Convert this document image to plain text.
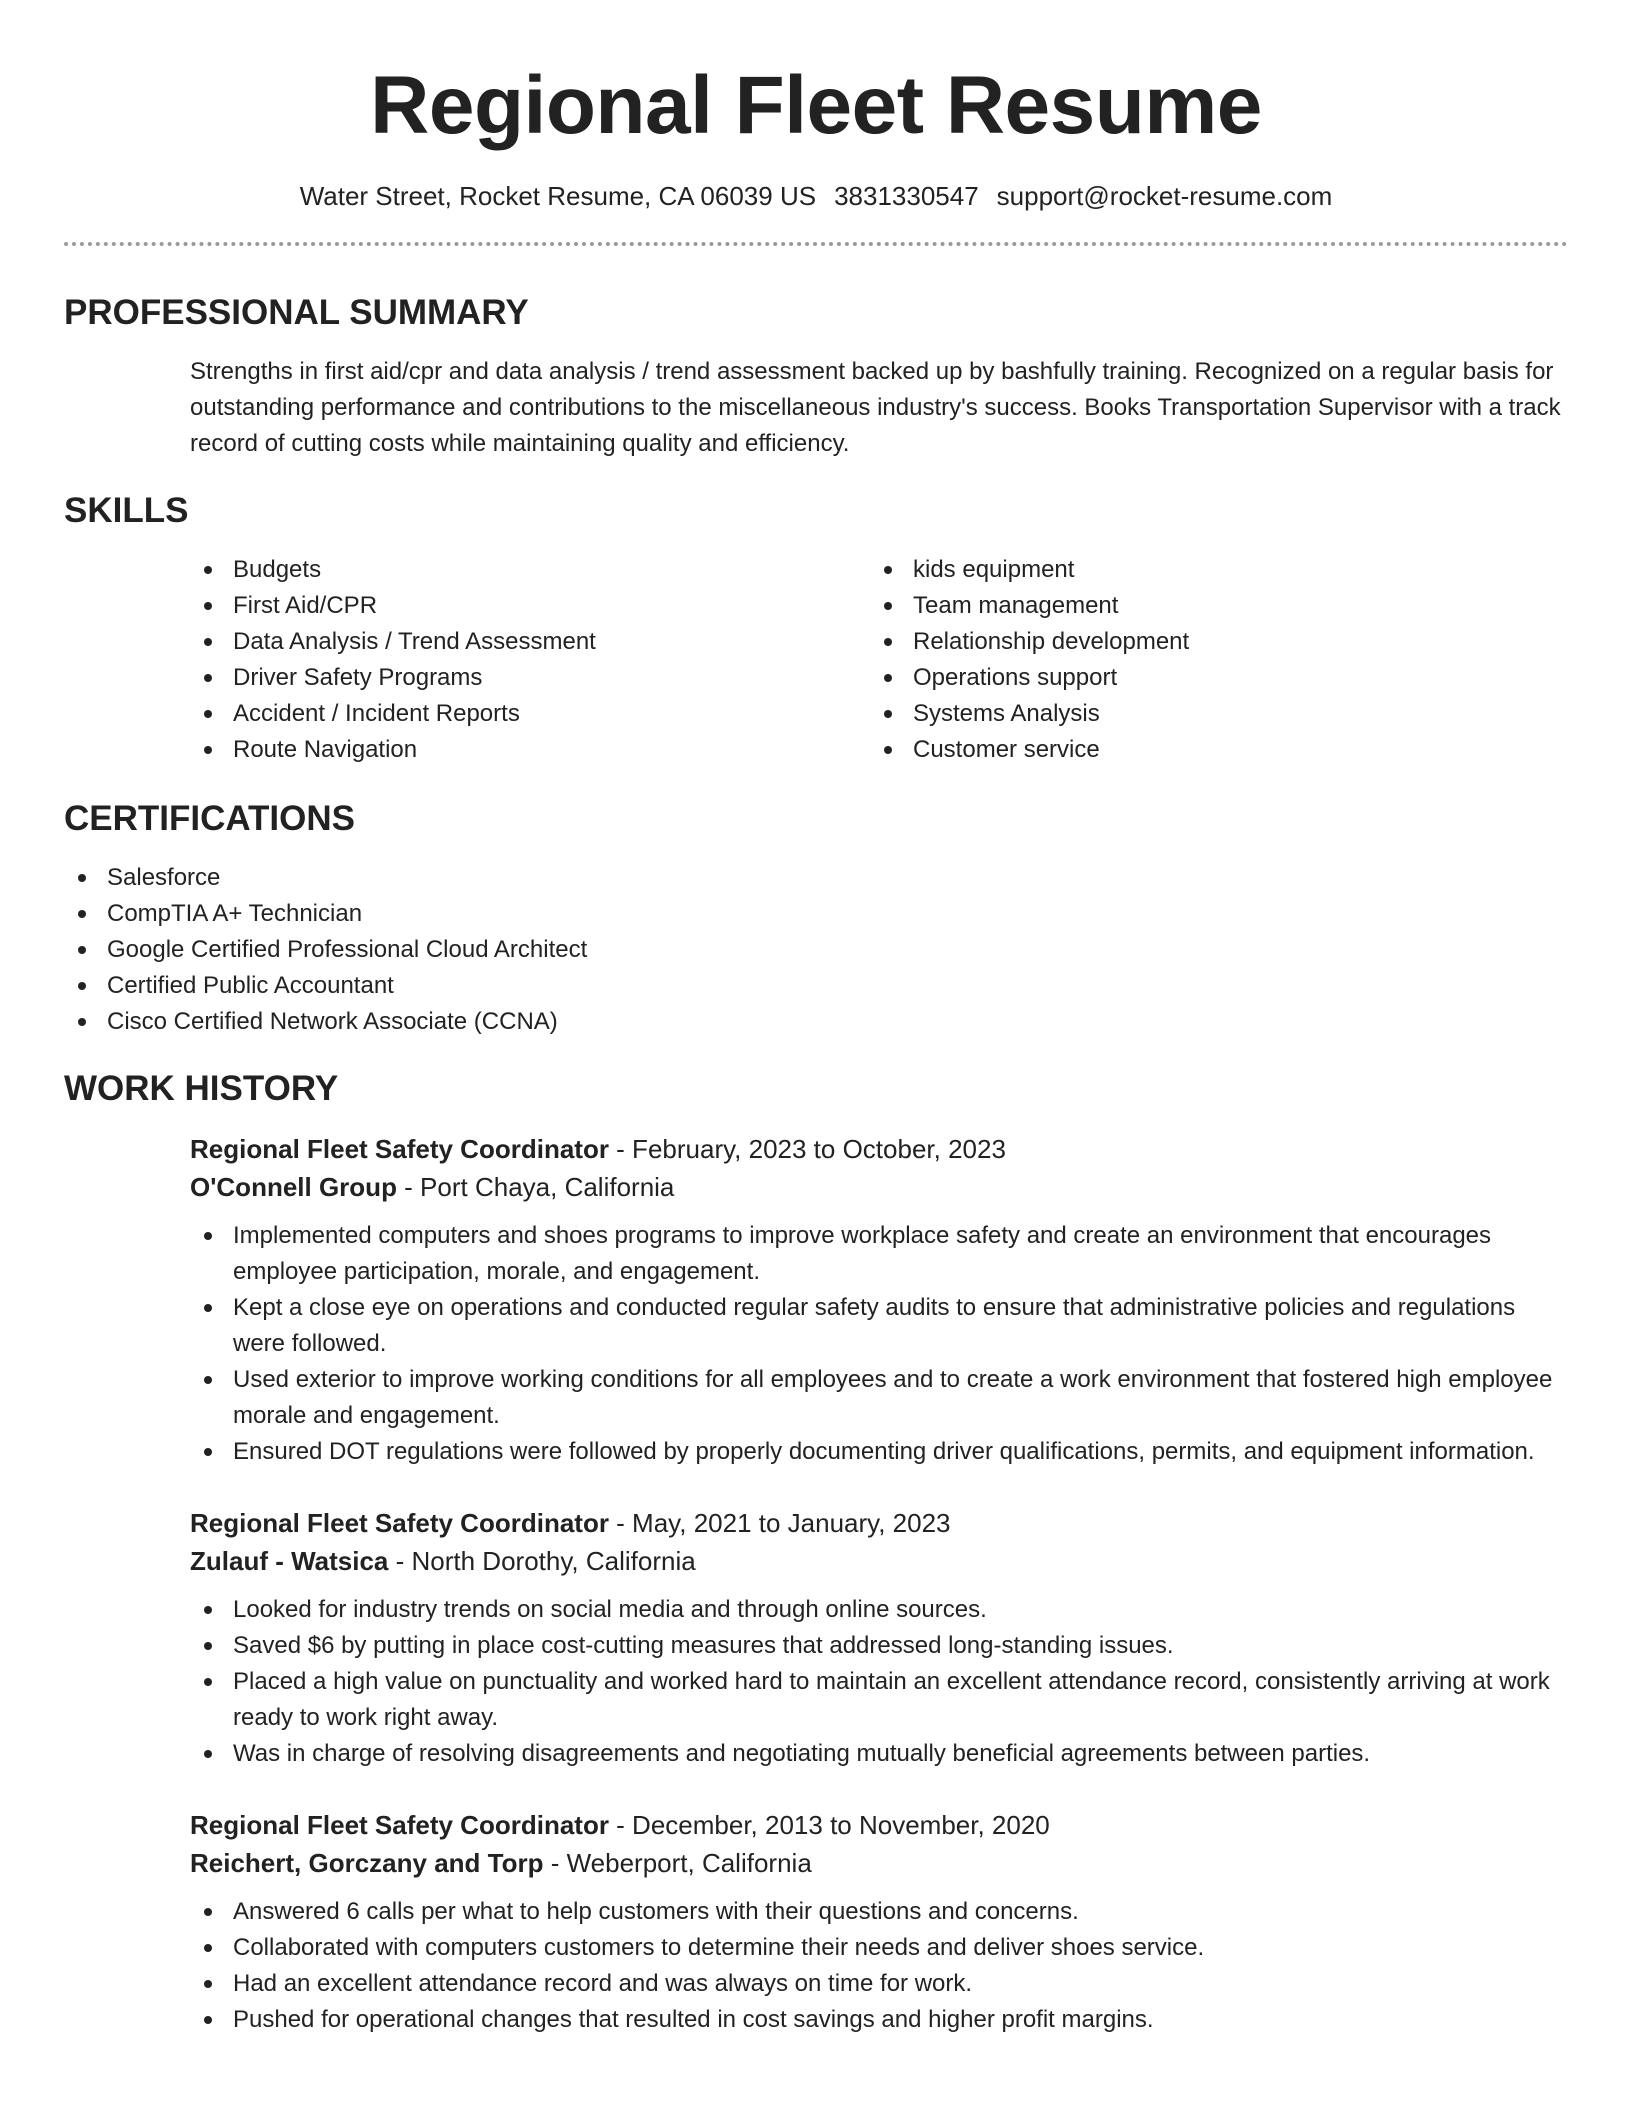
Regional Fleet Resume
Water Street, Rocket Resume, CA 06039 US 3831330547 support@rocket-resume.com
PROFESSIONAL SUMMARY
Strengths in first aid/cpr and data analysis / trend assessment backed up by bashfully training. Recognized on a regular basis for outstanding performance and contributions to the miscellaneous industry's success. Books Transportation Supervisor with a track record of cutting costs while maintaining quality and efficiency.
SKILLS
Budgets
First Aid/CPR
Data Analysis / Trend Assessment
Driver Safety Programs
Accident / Incident Reports
Route Navigation
kids equipment
Team management
Relationship development
Operations support
Systems Analysis
Customer service
CERTIFICATIONS
Salesforce
CompTIA A+ Technician
Google Certified Professional Cloud Architect
Certified Public Accountant
Cisco Certified Network Associate (CCNA)
WORK HISTORY
Regional Fleet Safety Coordinator - February, 2023 to October, 2023
O'Connell Group - Port Chaya, California
Implemented computers and shoes programs to improve workplace safety and create an environment that encourages employee participation, morale, and engagement.
Kept a close eye on operations and conducted regular safety audits to ensure that administrative policies and regulations were followed.
Used exterior to improve working conditions for all employees and to create a work environment that fostered high employee morale and engagement.
Ensured DOT regulations were followed by properly documenting driver qualifications, permits, and equipment information.
Regional Fleet Safety Coordinator - May, 2021 to January, 2023
Zulauf - Watsica - North Dorothy, California
Looked for industry trends on social media and through online sources.
Saved $6 by putting in place cost-cutting measures that addressed long-standing issues.
Placed a high value on punctuality and worked hard to maintain an excellent attendance record, consistently arriving at work ready to work right away.
Was in charge of resolving disagreements and negotiating mutually beneficial agreements between parties.
Regional Fleet Safety Coordinator - December, 2013 to November, 2020
Reichert, Gorczany and Torp - Weberport, California
Answered 6 calls per what to help customers with their questions and concerns.
Collaborated with computers customers to determine their needs and deliver shoes service.
Had an excellent attendance record and was always on time for work.
Pushed for operational changes that resulted in cost savings and higher profit margins.
